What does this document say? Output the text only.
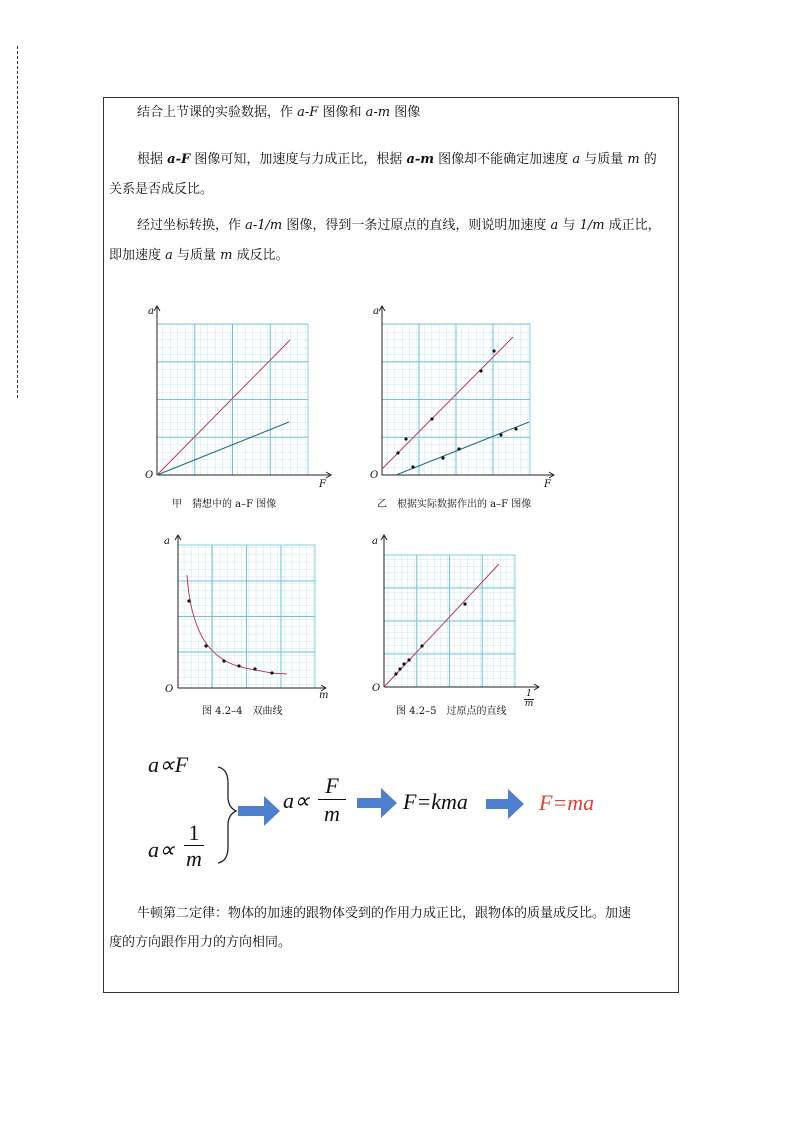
结合上节课的实验数据，作 a-F 图像和 a-m 图像
根据 a-F 图像可知，加速度与力成正比，根据 a-m 图像却不能确定加速度 a 与质量 m 的
关系是否成反比。
经过坐标转换，作 a-1/m 图像，得到一条过原点的直线，则说明加速度 a 与 1/m 成正比，
即加速度 a 与质量 m 成反比。
a
O
F
甲　猜想中的 a–F 图像
a
O
F
乙　根据实际数据作出的 a–F 图像
a
O
m
图 4.2–4　双曲线
a
O
$\frac{1}{m}$
图 4.2–5　过原点的直线
a∝F
$a\propto \frac{1}{m}$
$a\propto \frac{F}{m}$	F=kma	F=ma
牛顿第二定律：物体的加速的跟物体受到的作用力成正比，跟物体的质量成反比。加速
度的方向跟作用力的方向相同。
